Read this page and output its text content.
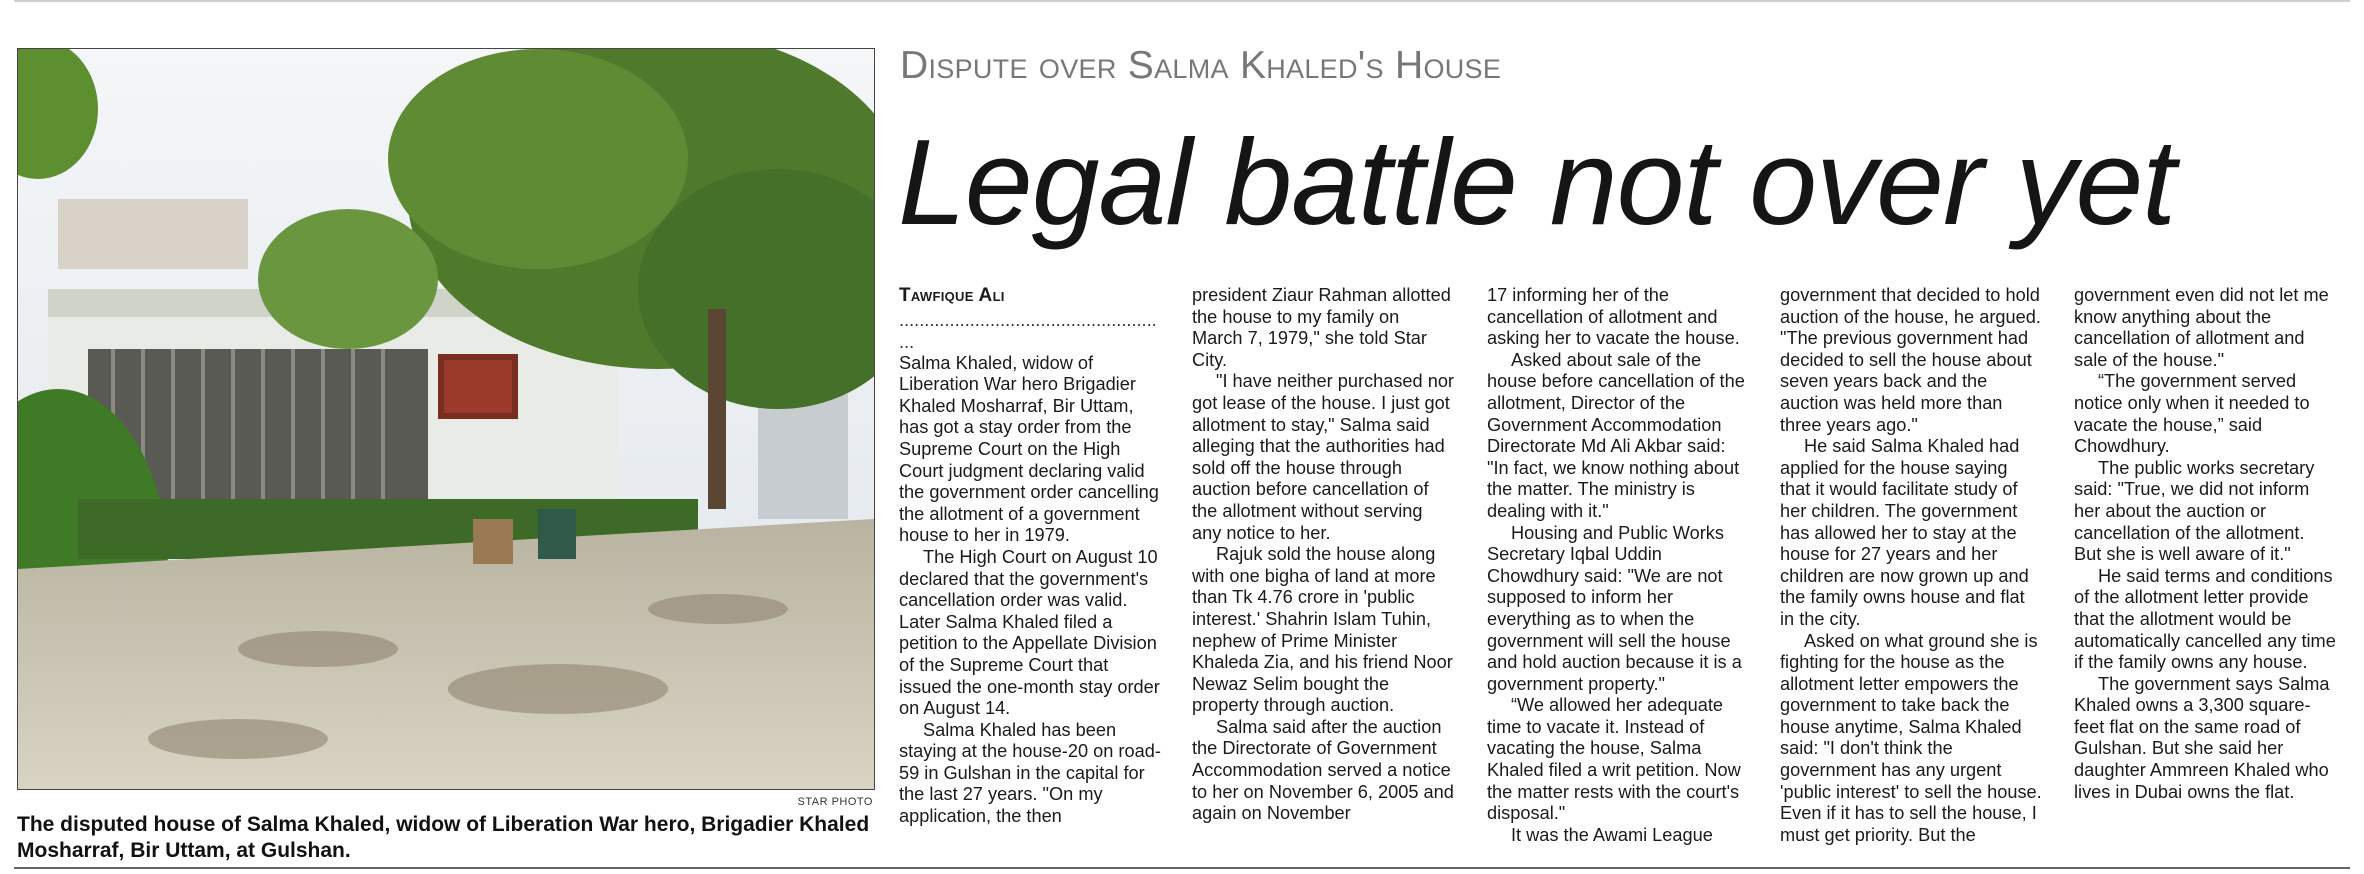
Dispute over Salma Khaled's House
Legal battle not over yet
STAR PHOTO
The disputed house of Salma Khaled, widow of Liberation War hero, Brigadier Khaled Mosharraf, Bir Uttam, at Gulshan.
Tawfique Ali
...................................................
...

Salma Khaled, widow of Liberation War hero Brigadier Khaled Mosharraf, Bir Uttam, has got a stay order from the Supreme Court on the High Court judgment declaring valid the government order cancelling the allotment of a government house to her in 1979.

The High Court on August 10 declared that the government's cancellation order was valid. Later Salma Khaled filed a petition to the Appellate Division of the Supreme Court that issued the one-month stay order on August 14.

Salma Khaled has been staying at the house-20 on road-59 in Gulshan in the capital for the last 27 years. "On my application, the then

president Ziaur Rahman allotted the house to my family on March 7, 1979," she told Star City.

"I have neither purchased nor got lease of the house. I just got allotment to stay," Salma said alleging that the authorities had sold off the house through auction before cancellation of the allotment without serving any notice to her.

Rajuk sold the house along with one bigha of land at more than Tk 4.76 crore in 'public interest.' Shahrin Islam Tuhin, nephew of Prime Minister Khaleda Zia, and his friend Noor Newaz Selim bought the property through auction.

Salma said after the auction the Directorate of Government Accommodation served a notice to her on November 6, 2005 and again on November

17 informing her of the cancellation of allotment and asking her to vacate the house.

Asked about sale of the house before cancellation of the allotment, Director of the Government Accommodation Directorate Md Ali Akbar said: "In fact, we know nothing about the matter. The ministry is dealing with it."

Housing and Public Works Secretary Iqbal Uddin Chowdhury said: "We are not supposed to inform her everything as to when the government will sell the house and hold auction because it is a government property."

“We allowed her adequate time to vacate it. Instead of vacating the house, Salma Khaled filed a writ petition. Now the matter rests with the court's disposal."

It was the Awami League

government that decided to hold auction of the house, he argued. "The previous government had decided to sell the house about seven years back and the auction was held more than three years ago."

He said Salma Khaled had applied for the house saying that it would facilitate study of her children. The government has allowed her to stay at the house for 27 years and her children are now grown up and the family owns house and flat in the city.

Asked on what ground she is fighting for the house as the allotment letter empowers the government to take back the house anytime, Salma Khaled said: "I don't think the government has any urgent 'public interest' to sell the house. Even if it has to sell the house, I must get priority. But the

government even did not let me know anything about the cancellation of allotment and sale of the house."

“The government served notice only when it needed to vacate the house,” said Chowdhury.

The public works secretary said: "True, we did not inform her about the auction or cancellation of the allotment. But she is well aware of it."

He said terms and conditions of the allotment letter provide that the allotment would be automatically cancelled any time if the family owns any house.

The government says Salma Khaled owns a 3,300 square-feet flat on the same road of Gulshan. But she said her daughter Ammreen Khaled who lives in Dubai owns the flat.
